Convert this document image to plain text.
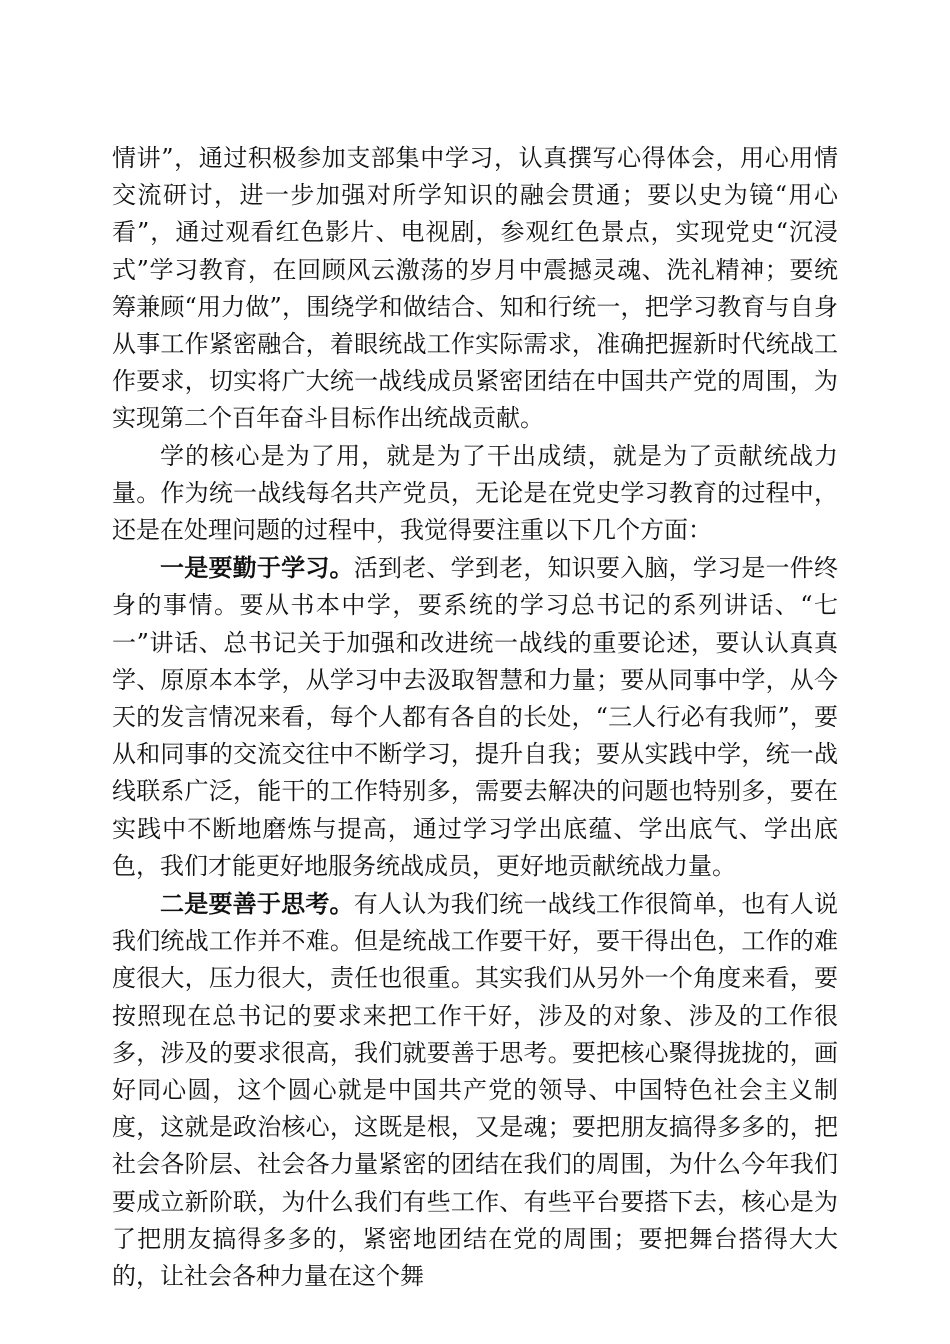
情讲”，通过积极参加支部集中学习，认真撰写心得体会，用心用情交流研讨，进一步加强对所学知识的融会贯通；要以史为镜“用心看”，通过观看红色影片、电视剧，参观红色景点，实现党史“沉浸式”学习教育，在回顾风云激荡的岁月中震撼灵魂、洗礼精神；要统筹兼顾“用力做”，围绕学和做结合、知和行统一，把学习教育与自身从事工作紧密融合，着眼统战工作实际需求，准确把握新时代统战工作要求，切实将广大统一战线成员紧密团结在中国共产党的周围，为实现第二个百年奋斗目标作出统战贡献。

学的核心是为了用，就是为了干出成绩，就是为了贡献统战力量。作为统一战线每名共产党员，无论是在党史学习教育的过程中，还是在处理问题的过程中，我觉得要注重以下几个方面：

一是要勤于学习。活到老、学到老，知识要入脑，学习是一件终身的事情。要从书本中学，要系统的学习总书记的系列讲话、“七一”讲话、总书记关于加强和改进统一战线的重要论述，要认认真真学、原原本本学，从学习中去汲取智慧和力量；要从同事中学，从今天的发言情况来看，每个人都有各自的长处，“三人行必有我师”，要从和同事的交流交往中不断学习，提升自我；要从实践中学，统一战线联系广泛，能干的工作特别多，需要去解决的问题也特别多，要在实践中不断地磨炼与提高，通过学习学出底蕴、学出底气、学出底色，我们才能更好地服务统战成员，更好地贡献统战力量。

二是要善于思考。有人认为我们统一战线工作很简单，也有人说我们统战工作并不难。但是统战工作要干好，要干得出色，工作的难度很大，压力很大，责任也很重。其实我们从另外一个角度来看，要按照现在总书记的要求来把工作干好，涉及的对象、涉及的工作很多，涉及的要求很高，我们就要善于思考。要把核心聚得拢拢的，画好同心圆，这个圆心就是中国共产党的领导、中国特色社会主义制度，这就是政治核心，这既是根，又是魂；要把朋友搞得多多的，把社会各阶层、社会各力量紧密的团结在我们的周围，为什么今年我们要成立新阶联，为什么我们有些工作、有些平台要搭下去，核心是为了把朋友搞得多多的，紧密地团结在党的周围；要把舞台搭得大大的，让社会各种力量在这个舞
